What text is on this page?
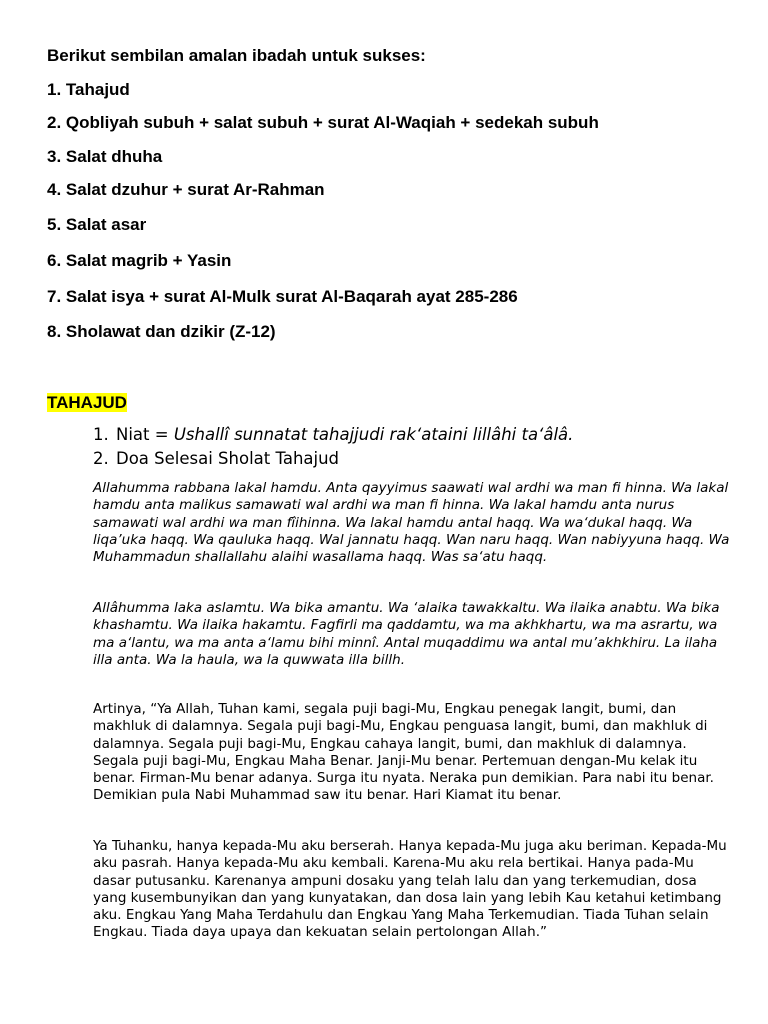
Berikut sembilan amalan ibadah untuk sukses:
1. Tahajud
2. Qobliyah subuh + salat subuh + surat Al-Waqiah + sedekah subuh
3. Salat dhuha
4. Salat dzuhur + surat Ar-Rahman
5. Salat asar
6. Salat magrib + Yasin
7. Salat isya + surat Al-Mulk surat Al-Baqarah ayat 285-286
8. Sholawat dan dzikir (Z-12)
TAHAJUD
1. Niat = Ushallî sunnatat tahajjudi rak‘ataini lillâhi ta‘âlâ.
2. Doa Selesai Sholat Tahajud
Allahumma rabbana lakal hamdu. Anta qayyimus saawati wal ardhi wa man fi hinna. Wa lakal hamdu anta malikus samawati wal ardhi wa man fi hinna. Wa lakal hamdu anta nurus samawati wal ardhi wa man fîihinna. Wa lakal hamdu antal haqq. Wa wa‘dukal haqq. Wa liqa’uka haqq. Wa qauluka haqq. Wal jannatu haqq. Wan naru haqq. Wan nabiyyuna haqq. Wa Muhammadun shallallahu alaihi wasallama haqq. Was sa‘atu haqq.
Allâhumma laka aslamtu. Wa bika amantu. Wa ‘alaika tawakkaltu. Wa ilaika anabtu. Wa bika khashamtu. Wa ilaika hakamtu. Fagfirli ma qaddamtu, wa ma akhkhartu, wa ma asrartu, wa ma a‘lantu, wa ma anta a‘lamu bihi minnî. Antal muqaddimu wa antal mu’akhkhiru. La ilaha illa anta. Wa la haula, wa la quwwata illa billh.
Artinya, “Ya Allah, Tuhan kami, segala puji bagi-Mu, Engkau penegak langit, bumi, dan makhluk di dalamnya. Segala puji bagi-Mu, Engkau penguasa langit, bumi, dan makhluk di dalamnya. Segala puji bagi-Mu, Engkau cahaya langit, bumi, dan makhluk di dalamnya. Segala puji bagi-Mu, Engkau Maha Benar. Janji-Mu benar. Pertemuan dengan-Mu kelak itu benar. Firman-Mu benar adanya. Surga itu nyata. Neraka pun demikian. Para nabi itu benar. Demikian pula Nabi Muhammad saw itu benar. Hari Kiamat itu benar.
Ya Tuhanku, hanya kepada-Mu aku berserah. Hanya kepada-Mu juga aku beriman. Kepada-Mu aku pasrah. Hanya kepada-Mu aku kembali. Karena-Mu aku rela bertikai. Hanya pada-Mu dasar putusanku. Karenanya ampuni dosaku yang telah lalu dan yang terkemudian, dosa yang kusembunyikan dan yang kunyatakan, dan dosa lain yang lebih Kau ketahui ketimbang aku. Engkau Yang Maha Terdahulu dan Engkau Yang Maha Terkemudian. Tiada Tuhan selain Engkau. Tiada daya upaya dan kekuatan selain pertolongan Allah.”
